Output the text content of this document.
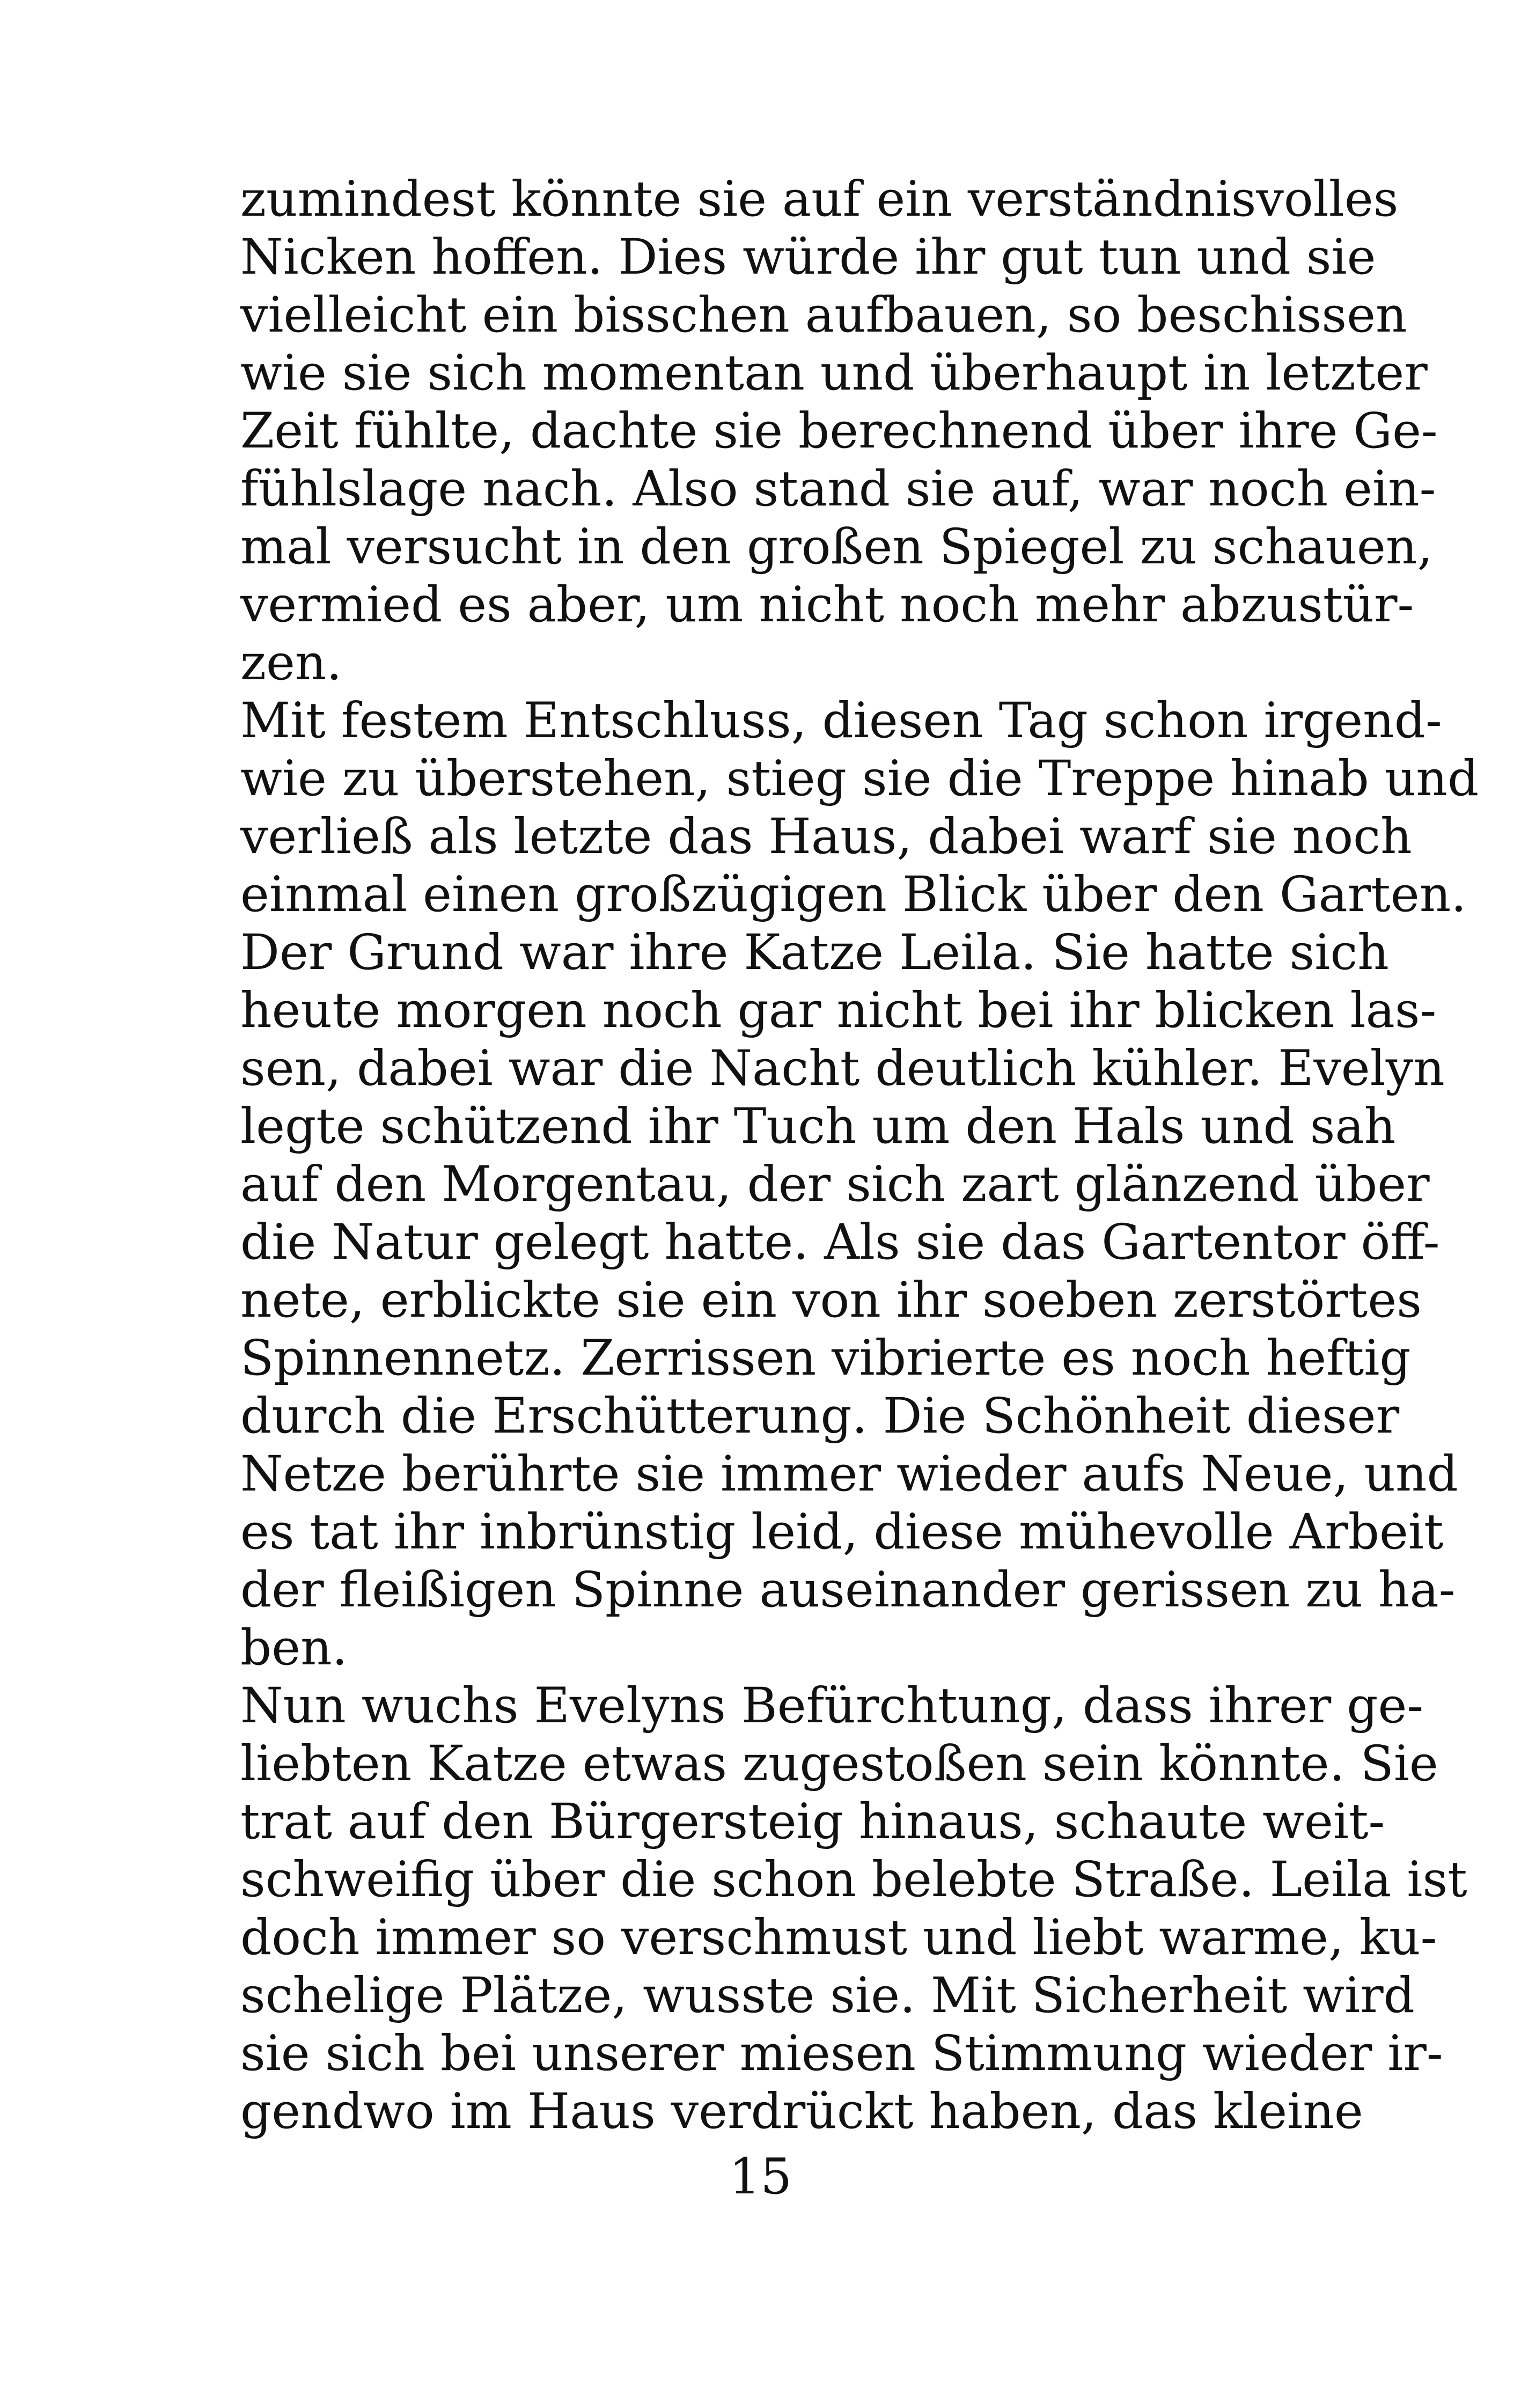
zumindest könnte sie auf ein verständnisvolles
Nicken hoffen. Dies würde ihr gut tun und sie
vielleicht ein bisschen aufbauen, so beschissen
wie sie sich momentan und überhaupt in letzter
Zeit fühlte, dachte sie berechnend über ihre Ge-
fühlslage nach. Also stand sie auf, war noch ein-
mal versucht in den großen Spiegel zu schauen,
vermied es aber, um nicht noch mehr abzustür-
zen.
Mit festem Entschluss, diesen Tag schon irgend-
wie zu überstehen, stieg sie die Treppe hinab und
verließ als letzte das Haus, dabei warf sie noch
einmal einen großzügigen Blick über den Garten.
Der Grund war ihre Katze Leila. Sie hatte sich
heute morgen noch gar nicht bei ihr blicken las-
sen, dabei war die Nacht deutlich kühler. Evelyn
legte schützend ihr Tuch um den Hals und sah
auf den Morgentau, der sich zart glänzend über
die Natur gelegt hatte. Als sie das Gartentor öff-
nete, erblickte sie ein von ihr soeben zerstörtes
Spinnennetz. Zerrissen vibrierte es noch heftig
durch die Erschütterung. Die Schönheit dieser
Netze berührte sie immer wieder aufs Neue, und
es tat ihr inbrünstig leid, diese mühevolle Arbeit
der fleißigen Spinne auseinander gerissen zu ha-
ben.
Nun wuchs Evelyns Befürchtung, dass ihrer ge-
liebten Katze etwas zugestoßen sein könnte. Sie
trat auf den Bürgersteig hinaus, schaute weit-
schweifig über die schon belebte Straße. Leila ist
doch immer so verschmust und liebt warme, ku-
schelige Plätze, wusste sie. Mit Sicherheit wird
sie sich bei unserer miesen Stimmung wieder ir-
gendwo im Haus verdrückt haben, das kleine
15
